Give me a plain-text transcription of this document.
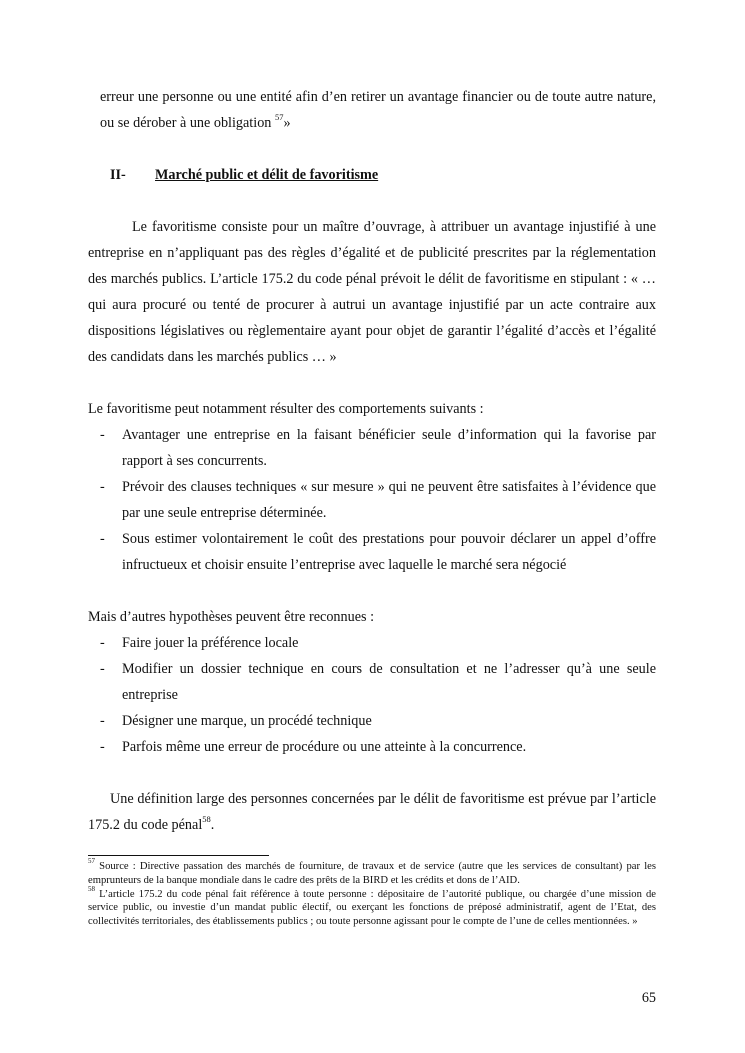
erreur une personne ou une entité afin d’en retirer un avantage financier ou de toute autre nature, ou se dérober à une obligation $^{57}$»

II-	Marché public et délit de favoritisme

Le favoritisme consiste pour un maître d’ouvrage, à attribuer un avantage injustifié à une entreprise en n’appliquant pas des règles d’égalité et de publicité prescrites par la réglementation des marchés publics. L’article 175.2 du code pénal prévoit le délit de favoritisme en stipulant : « … qui aura procuré ou tenté de procurer à autrui un avantage injustifié par un acte contraire aux dispositions législatives ou règlementaire ayant pour objet de garantir l’égalité d’accès et l’égalité des candidats dans les marchés publics … »

Le favoritisme peut notamment résulter des comportements suivants :

- Avantager une entreprise en la faisant bénéficier seule d’information qui la favorise par rapport à ses concurrents.
- Prévoir des clauses techniques « sur mesure » qui ne peuvent être satisfaites à l’évidence que par une seule entreprise déterminée.
- Sous estimer volontairement le coût des prestations pour pouvoir déclarer un appel d’offre infructueux et choisir ensuite l’entreprise avec laquelle le marché sera négocié

Mais d’autres hypothèses peuvent être reconnues :

- Faire jouer la préférence locale
- Modifier un dossier technique en cours de consultation et ne l’adresser qu’à une seule entreprise
- Désigner une marque, un procédé technique
- Parfois même une erreur de procédure ou une atteinte à la concurrence.

Une définition large des personnes concernées par le délit de favoritisme est prévue par l’article 175.2 du code pénal$^{58}$.

$^{57}$ Source : Directive passation des marchés de fourniture, de travaux et de service (autre que les services de consultant) par les emprunteurs de la banque mondiale dans le cadre des prêts de la BIRD et les crédits et dons de l’AID.

$^{58}$ L’article 175.2 du code pénal fait référence à toute personne : dépositaire de l’autorité publique, ou chargée d’une mission de service public, ou investie d’un mandat public électif, ou exerçant les fonctions de préposé administratif, agent de l’Etat, des collectivités territoriales, des établissements publics ; ou toute personne agissant pour le compte de l’une de celles mentionnées. »

65
